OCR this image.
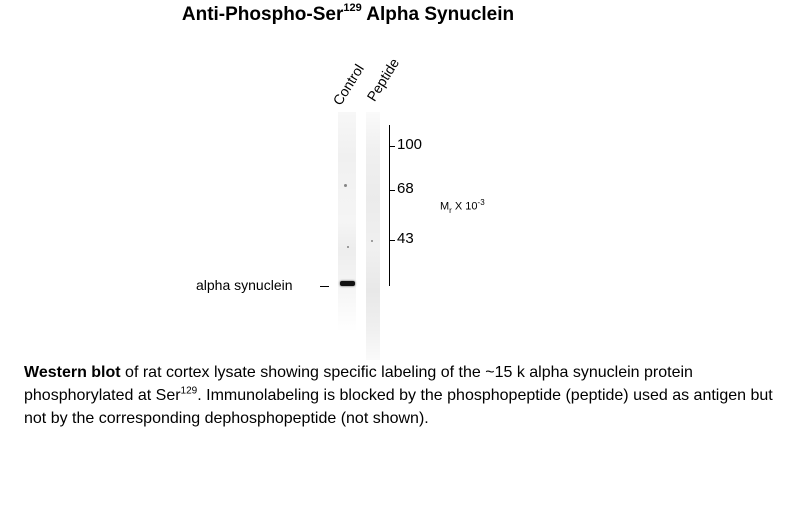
Anti-Phospho-Ser$^{129}$ Alpha Synuclein
Control
Peptide
100
68
43
$M_r$ X $10^{-3}$
alpha synuclein
Western blot of rat cortex lysate showing specific labeling of the ~15 k alpha synuclein protein phosphorylated at Ser$^{129}$. Immunolabeling is blocked by the phosphopeptide (peptide) used as antigen but not by the corresponding dephosphopeptide (not shown).
